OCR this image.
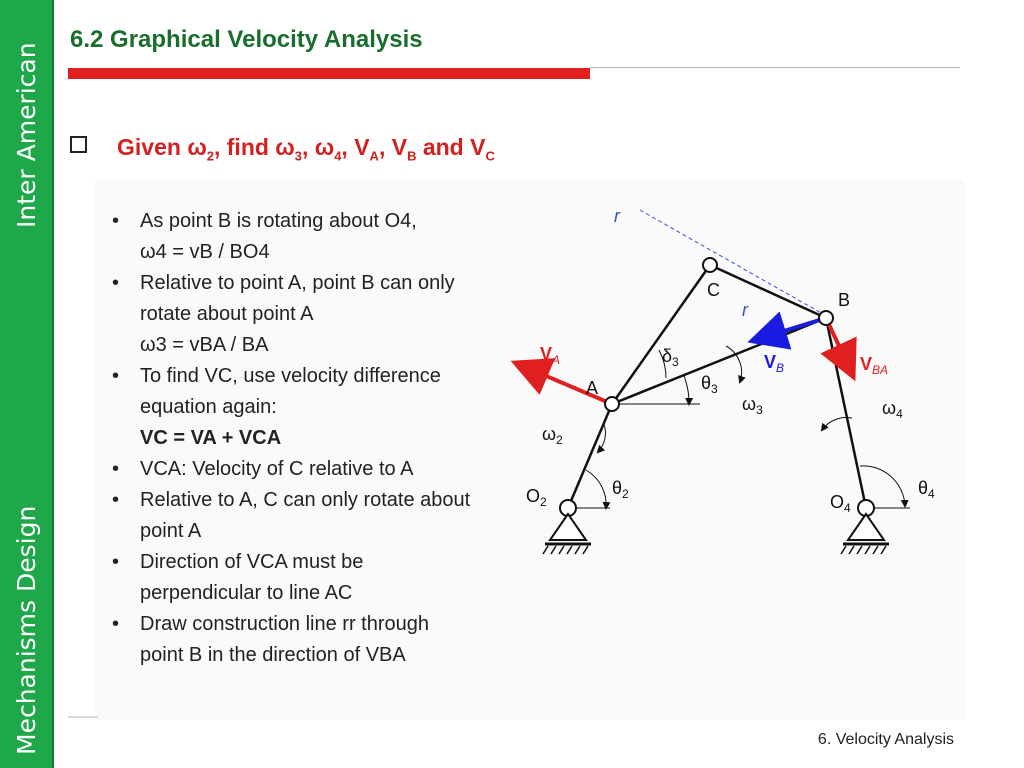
Inter American
Mechanisms Design
6.2 Graphical Velocity Analysis
Given $\omega_2$, find $\omega_3$, $\omega_4$, $V_A$, $V_B$ and $V_C$
• As point B is rotating about O4,
ω4 = vB / BO4
• Relative to point A, point B can only
rotate about point A
ω3 = vBA / BA
• To find VC, use velocity difference
equation again:
VC = VA + VCA
• VCA: Velocity of C relative to A
• Relative to A, C can only rotate about
point A
• Direction of VCA must be
perpendicular to line AC
• Draw construction line rr through
point B in the direction of VBA
r
r
C	B
A
$V_A$	$V_B$	$V_{BA}$
$\delta_3$
$\theta_3$
$\omega_3$
$\omega_2$
$\omega_4$
$\theta_2$	$\theta_4$
$O_2$	$O_4$
6. Velocity Analysis
